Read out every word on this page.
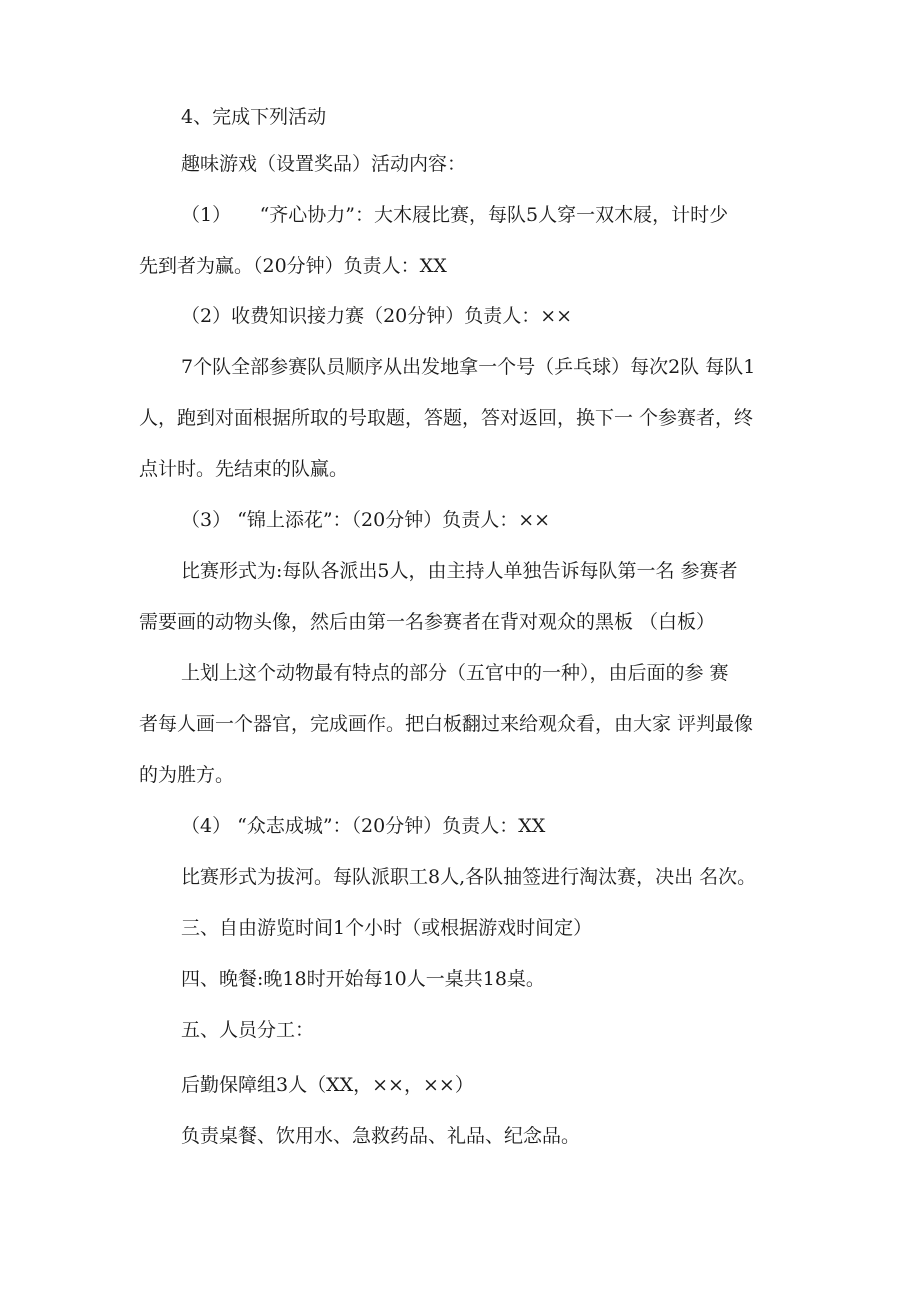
4、完成下列活动
趣味游戏（设置奖品）活动内容：
（1）　　“齐心协力”：大木屐比赛，每队5人穿一双木屐，计时少
先到者为赢。（20分钟）负责人：XX
（2）收费知识接力赛（20分钟）负责人：××
7个队全部参赛队员顺序从出发地拿一个号（乒乓球）每次2队 每队1
人，跑到对面根据所取的号取题，答题，答对返回，换下一 个参赛者，终
点计时。先结束的队赢。
（3） “锦上添花”：（20分钟）负责人：××
比赛形式为:每队各派出5人，由主持人单独告诉每队第一名 参赛者
需要画的动物头像，然后由第一名参赛者在背对观众的黑板 （白板）
上划上这个动物最有特点的部分（五官中的一种），由后面的参 赛
者每人画一个器官，完成画作。把白板翻过来给观众看，由大家 评判最像
的为胜方。
（4） “众志成城”：（20分钟）负责人：XX
比赛形式为拔河。每队派职工8人,各队抽签进行淘汰赛，决出 名次。
三、自由游览时间1个小时（或根据游戏时间定）
四、晚餐:晚18时开始每10人一桌共18桌。
五、人员分工：
后勤保障组3人（XX，××，××）
负责桌餐、饮用水、急救药品、礼品、纪念品。
